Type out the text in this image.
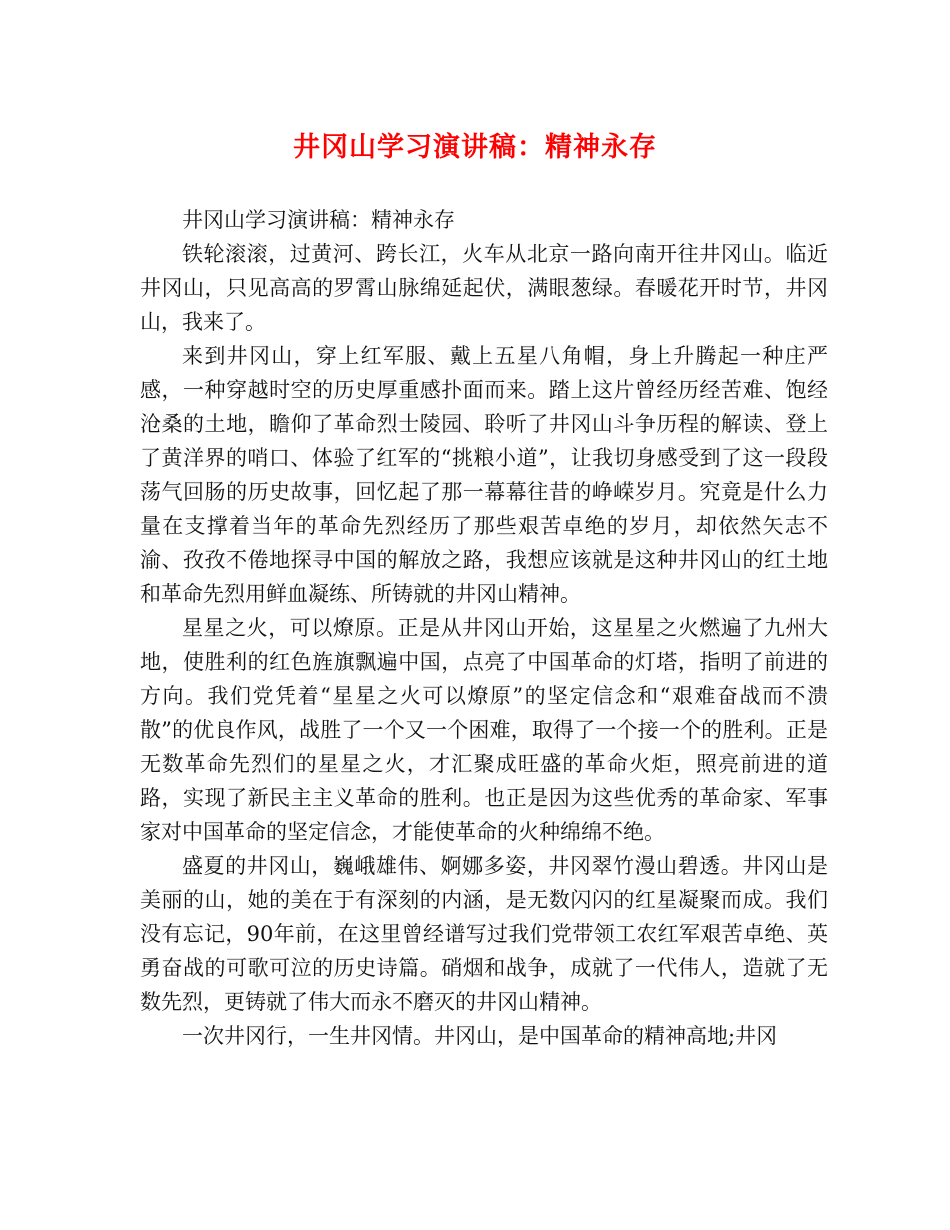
井冈山学习演讲稿：精神永存

井冈山学习演讲稿：精神永存

铁轮滚滚，过黄河、跨长江，火车从北京一路向南开往井冈山。临近井冈山，只见高高的罗霄山脉绵延起伏，满眼葱绿。春暖花开时节，井冈山，我来了。

来到井冈山，穿上红军服、戴上五星八角帽，身上升腾起一种庄严感，一种穿越时空的历史厚重感扑面而来。踏上这片曾经历经苦难、饱经沧桑的土地，瞻仰了革命烈士陵园、聆听了井冈山斗争历程的解读、登上了黄洋界的哨口、体验了红军的“挑粮小道”，让我切身感受到了这一段段荡气回肠的历史故事，回忆起了那一幕幕往昔的峥嵘岁月。究竟是什么力量在支撑着当年的革命先烈经历了那些艰苦卓绝的岁月，却依然矢志不渝、孜孜不倦地探寻中国的解放之路，我想应该就是这种井冈山的红土地和革命先烈用鲜血凝练、所铸就的井冈山精神。

星星之火，可以燎原。正是从井冈山开始，这星星之火燃遍了九州大地，使胜利的红色旌旗飘遍中国，点亮了中国革命的灯塔，指明了前进的方向。我们党凭着“星星之火可以燎原”的坚定信念和“艰难奋战而不溃散”的优良作风，战胜了一个又一个困难，取得了一个接一个的胜利。正是无数革命先烈们的星星之火，才汇聚成旺盛的革命火炬，照亮前进的道路，实现了新民主主义革命的胜利。也正是因为这些优秀的革命家、军事家对中国革命的坚定信念，才能使革命的火种绵绵不绝。

盛夏的井冈山，巍峨雄伟、婀娜多姿，井冈翠竹漫山碧透。井冈山是美丽的山，她的美在于有深刻的内涵，是无数闪闪的红星凝聚而成。我们没有忘记，90年前，在这里曾经谱写过我们党带领工农红军艰苦卓绝、英勇奋战的可歌可泣的历史诗篇。硝烟和战争，成就了一代伟人，造就了无数先烈，更铸就了伟大而永不磨灭的井冈山精神。

一次井冈行，一生井冈情。井冈山，是中国革命的精神高地;井冈
